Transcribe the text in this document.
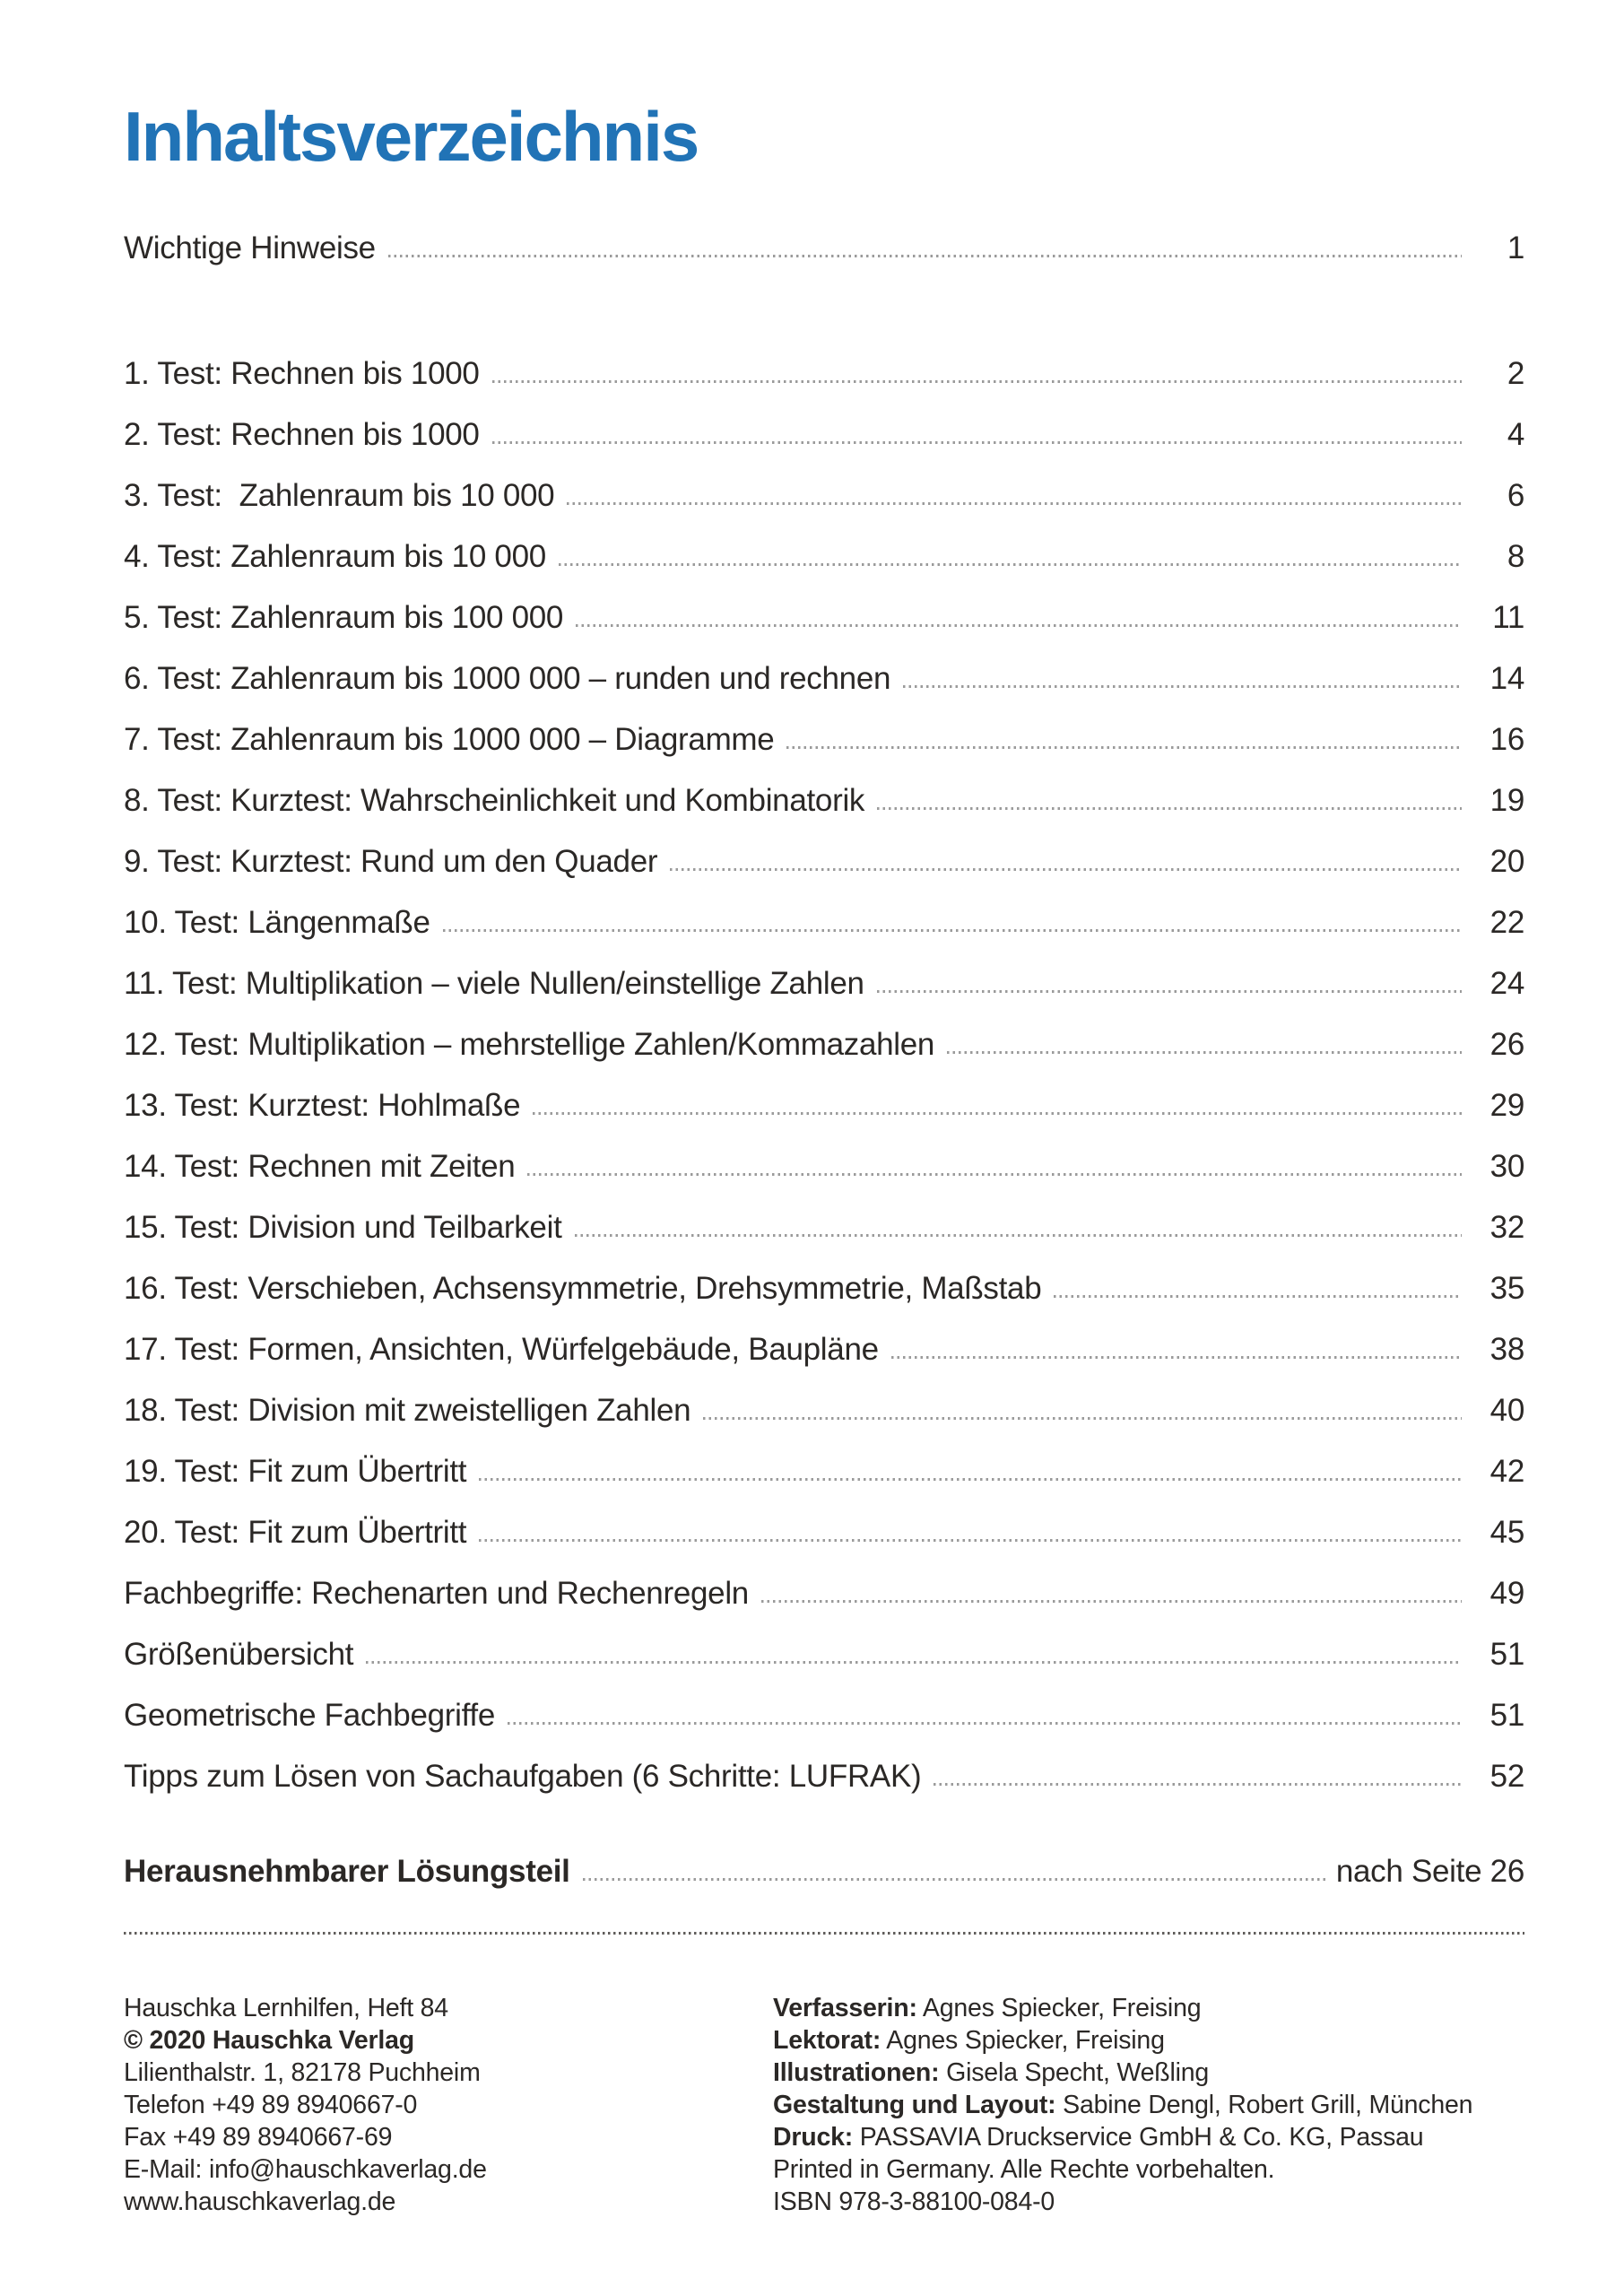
Inhaltsverzeichnis
Wichtige Hinweise	1
1. Test: Rechnen bis 1000	2
2. Test: Rechnen bis 1000	4
3. Test:  Zahlenraum bis 10 000	6
4. Test: Zahlenraum bis 10 000	8
5. Test: Zahlenraum bis 100 000	11
6. Test: Zahlenraum bis 1000 000 – runden und rechnen	14
7. Test: Zahlenraum bis 1000 000 – Diagramme	16
8. Test: Kurztest: Wahrscheinlichkeit und Kombinatorik	19
9. Test: Kurztest: Rund um den Quader	20
10. Test: Längenmaße	22
11. Test: Multiplikation – viele Nullen/einstellige Zahlen	24
12. Test: Multiplikation – mehrstellige Zahlen/Kommazahlen	26
13. Test: Kurztest: Hohlmaße	29
14. Test: Rechnen mit Zeiten	30
15. Test: Division und Teilbarkeit	32
16. Test: Verschieben, Achsensymmetrie, Drehsymmetrie, Maßstab	35
17. Test: Formen, Ansichten, Würfelgebäude, Baupläne	38
18. Test: Division mit zweistelligen Zahlen	40
19. Test: Fit zum Übertritt	42
20. Test: Fit zum Übertritt	45
Fachbegriffe: Rechenarten und Rechenregeln	49
Größenübersicht	51
Geometrische Fachbegriffe	51
Tipps zum Lösen von Sachaufgaben (6 Schritte: LUFRAK)	52
Herausnehmbarer Lösungsteil	nach Seite 26
Hauschka Lernhilfen, Heft 84
© 2020 Hauschka Verlag
Lilienthalstr. 1, 82178 Puchheim
Telefon +49 89 8940667-0
Fax +49 89 8940667-69
E-Mail: info@hauschkaverlag.de
www.hauschkaverlag.de
Verfasserin: Agnes Spiecker, Freising
Lektorat: Agnes Spiecker, Freising
Illustrationen: Gisela Specht, Weßling
Gestaltung und Layout: Sabine Dengl, Robert Grill, München
Druck: PASSAVIA Druckservice GmbH & Co. KG, Passau
Printed in Germany. Alle Rechte vorbehalten.
ISBN 978-3-88100-084-0
